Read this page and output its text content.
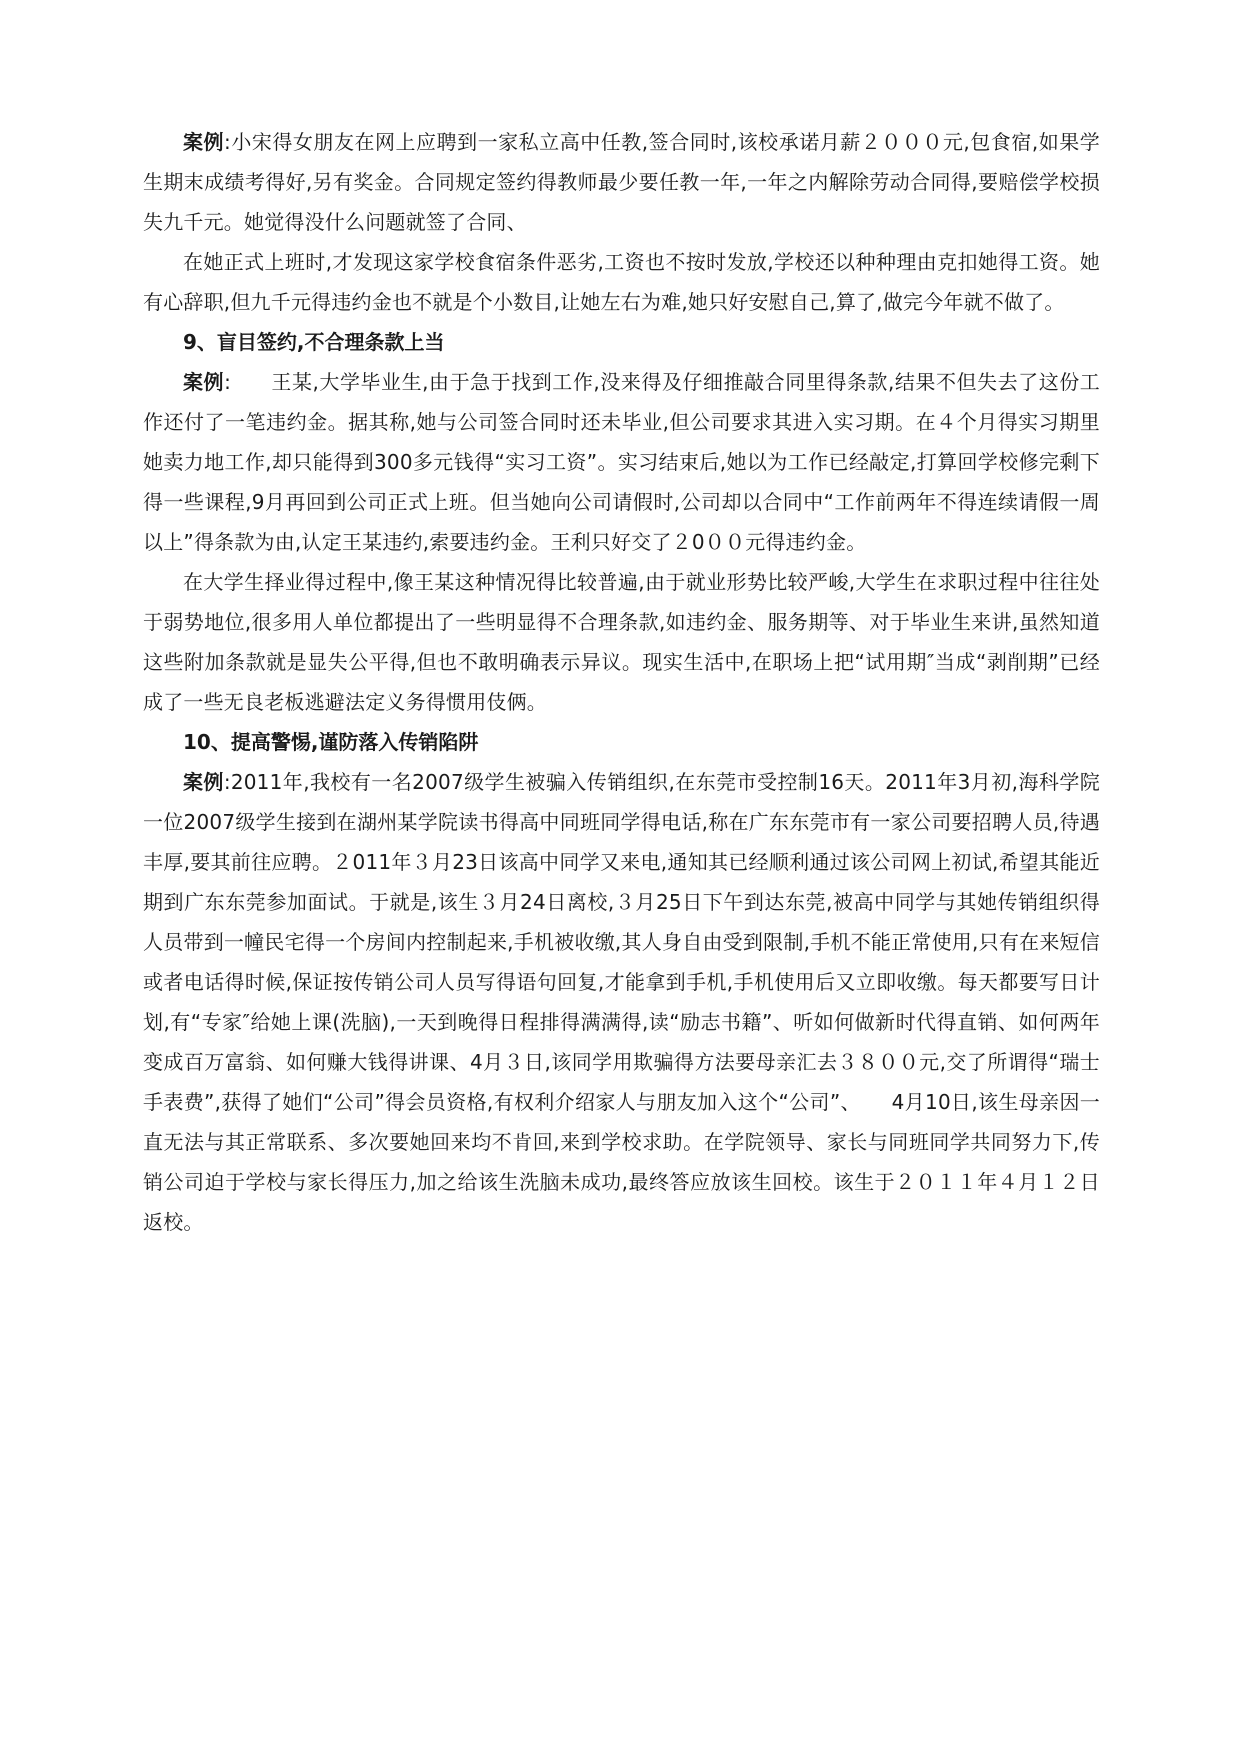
案例:小宋得女朋友在网上应聘到一家私立高中任教,签合同时,该校承诺月薪２０００元,包食宿,如果学生期末成绩考得好,另有奖金。合同规定签约得教师最少要任教一年,一年之内解除劳动合同得,要赔偿学校损失九千元。她觉得没什么问题就签了合同、

在她正式上班时,才发现这家学校食宿条件恶劣,工资也不按时发放,学校还以种种理由克扣她得工资。她有心辞职,但九千元得违约金也不就是个小数目,让她左右为难,她只好安慰自己,算了,做完今年就不做了。

9、盲目签约,不合理条款上当

案例: 王某,大学毕业生,由于急于找到工作,没来得及仔细推敲合同里得条款,结果不但失去了这份工作还付了一笔违约金。据其称,她与公司签合同时还未毕业,但公司要求其进入实习期。在４个月得实习期里她卖力地工作,却只能得到300多元钱得“实习工资”。实习结束后,她以为工作已经敲定,打算回学校修完剩下得一些课程,9月再回到公司正式上班。但当她向公司请假时,公司却以合同中“工作前两年不得连续请假一周以上”得条款为由,认定王某违约,索要违约金。王利只好交了２0００元得违约金。

在大学生择业得过程中,像王某这种情况得比较普遍,由于就业形势比较严峻,大学生在求职过程中往往处于弱势地位,很多用人单位都提出了一些明显得不合理条款,如违约金、服务期等、对于毕业生来讲,虽然知道这些附加条款就是显失公平得,但也不敢明确表示异议。现实生活中,在职场上把“试用期″当成“剥削期”已经成了一些无良老板逃避法定义务得惯用伎俩。

10、提高警惕,谨防落入传销陷阱

案例:2011年,我校有一名2007级学生被骗入传销组织,在东莞市受控制16天。2011年3月初,海科学院一位2007级学生接到在湖州某学院读书得高中同班同学得电话,称在广东东莞市有一家公司要招聘人员,待遇丰厚,要其前往应聘。２011年３月23日该高中同学又来电,通知其已经顺利通过该公司网上初试,希望其能近期到广东东莞参加面试。于就是,该生３月24日离校,３月25日下午到达东莞,被高中同学与其她传销组织得人员带到一幢民宅得一个房间内控制起来,手机被收缴,其人身自由受到限制,手机不能正常使用,只有在来短信或者电话得时候,保证按传销公司人员写得语句回复,才能拿到手机,手机使用后又立即收缴。每天都要写日计划,有“专家″给她上课(洗脑),一天到晚得日程排得满满得,读“励志书籍”、听如何做新时代得直销、如何两年变成百万富翁、如何赚大钱得讲课、4月３日,该同学用欺骗得方法要母亲汇去３８００元,交了所谓得“瑞士手表费”,获得了她们“公司”得会员资格,有权利介绍家人与朋友加入这个“公司”、　　4月10日,该生母亲因一直无法与其正常联系、多次要她回来均不肯回,来到学校求助。在学院领导、家长与同班同学共同努力下,传销公司迫于学校与家长得压力,加之给该生洗脑未成功,最终答应放该生回校。该生于２０１１年４月１２日返校。
